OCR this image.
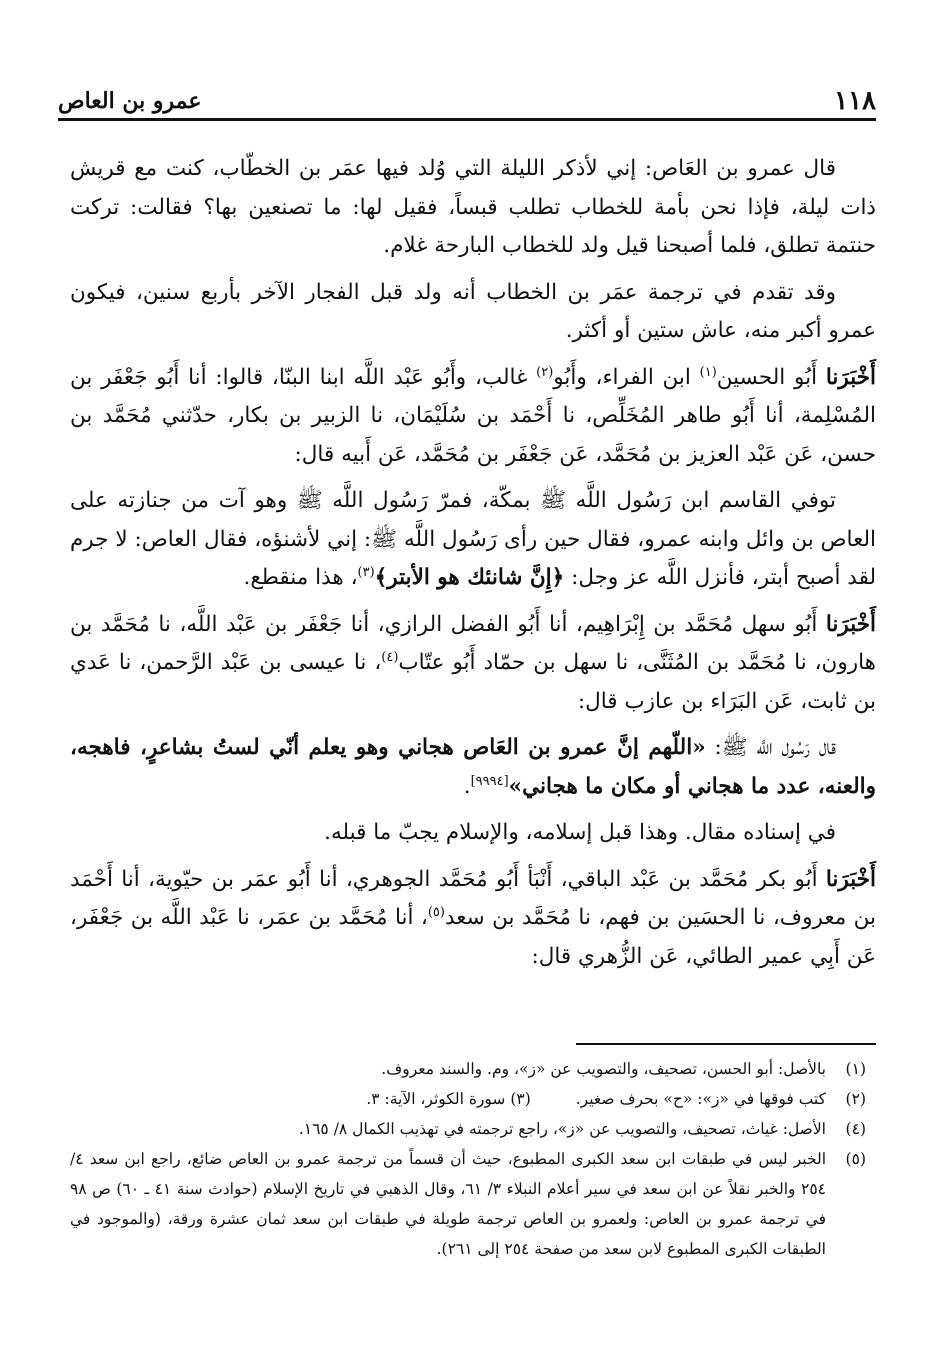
١١٨
عمرو بن العاص

قال عمرو بن العَاص: إني لأذكر الليلة التي وُلد فيها عمَر بن الخطّاب، كنت مع قريش ذات ليلة، فإذا نحن بأمة للخطاب تطلب قبساً، فقيل لها: ما تصنعين بها؟ فقالت: تركت حنتمة تطلق، فلما أصبحنا قيل ولد للخطاب البارحة غلام.

وقد تقدم في ترجمة عمَر بن الخطاب أنه ولد قبل الفجار الآخر بأربع سنين، فيكون عمرو أكبر منه، عاش ستين أو أكثر.

أَخْبَرَنا أَبُو الحسين$^{(١)}$ ابن الفراء، وأَبُو$^{(٢)}$ غالب، وأَبُو عَبْد اللَّه ابنا البنّا، قالوا: أنا أَبُو جَعْفَر بن المُسْلِمة، أنا أَبُو طاهر المُخَلِّص، نا أَحْمَد بن سُلَيْمَان، نا الزبير بن بكار، حدّثني مُحَمَّد بن حسن، عَن عَبْد العزيز بن مُحَمَّد، عَن جَعْفَر بن مُحَمَّد، عَن أَبيه قال:

توفي القاسم ابن رَسُول اللَّه ﷺ بمكّة، فمرّ رَسُول اللَّه ﷺ وهو آت من جنازته على العاص بن وائل وابنه عمرو، فقال حين رأى رَسُول اللَّه ﷺ: إني لأشنؤه، فقال العاص: لا جرم لقد أصبح أبتر، فأنزل اللَّه عز وجل: ﴿إِنَّ شانئك هو الأبتر﴾$^{(٣)}$، هذا منقطع.

أَخْبَرَنا أَبُو سهل مُحَمَّد بن إِبْرَاهِيم، أنا أَبُو الفضل الرازي، أنا جَعْفَر بن عَبْد اللَّه، نا مُحَمَّد بن هارون، نا مُحَمَّد بن المُثَنَّى، نا سهل بن حمّاد أَبُو عتّاب$^{(٤)}$، نا عيسى بن عَبْد الرَّحمن، نا عَدي بن ثابت، عَن البَرَاء بن عازب قال:

قال رَسُول اللَّه ﷺ: «اللّهم إنَّ عمرو بن العَاص هجاني وهو يعلم أنّي لستُ بشاعرٍ، فاهجه، والعنه، عدد ما هجاني أو مكان ما هجاني»[٩٩٩٤].

في إسناده مقال. وهذا قبل إسلامه، والإسلام يجبّ ما قبله.

أَخْبَرَنا أَبُو بكر مُحَمَّد بن عَبْد الباقي، أَنْبَأ أَبُو مُحَمَّد الجوهري، أنا أَبُو عمَر بن حيّوية، أنا أَحْمَد بن معروف، نا الحسَين بن فهم، نا مُحَمَّد بن سعد$^{(٥)}$، أنا مُحَمَّد بن عمَر، نا عَبْد اللَّه بن جَعْفَر، عَن أَبِي عمير الطائي، عَن الزُّهري قال:

(١)
بالأصل: أبو الحسن، تصحيف، والتصويب عن «ز»، وم. والسند معروف.
(٢)
كتب فوقها في «ز»: «ح» بحرف صغير. (٣) سورة الكوثر، الآية: ٣.
(٤)
الأصل: غياث، تصحيف، والتصويب عن «ز»، راجع ترجمته في تهذيب الكمال ٨/ ١٦٥.
(٥)
الخبر ليس في طبقات ابن سعد الكبرى المطبوع، حيث أن قسماً من ترجمة عمرو بن العاص ضائع، راجع ابن سعد ٤/ ٢٥٤ والخبر نقلاً عن ابن سعد في سير أعلام النبلاء ٣/ ٦١، وقال الذهبي في تاريخ الإسلام (حوادث سنة ٤١ ـ ٦٠) ص ٩٨ في ترجمة عمرو بن العاص: ولعمرو بن العاص ترجمة طويلة في طبقات ابن سعد ثمان عشرة ورقة، (والموجود في الطبقات الكبرى المطبوع لابن سعد من صفحة ٢٥٤ إلى ٢٦١).
